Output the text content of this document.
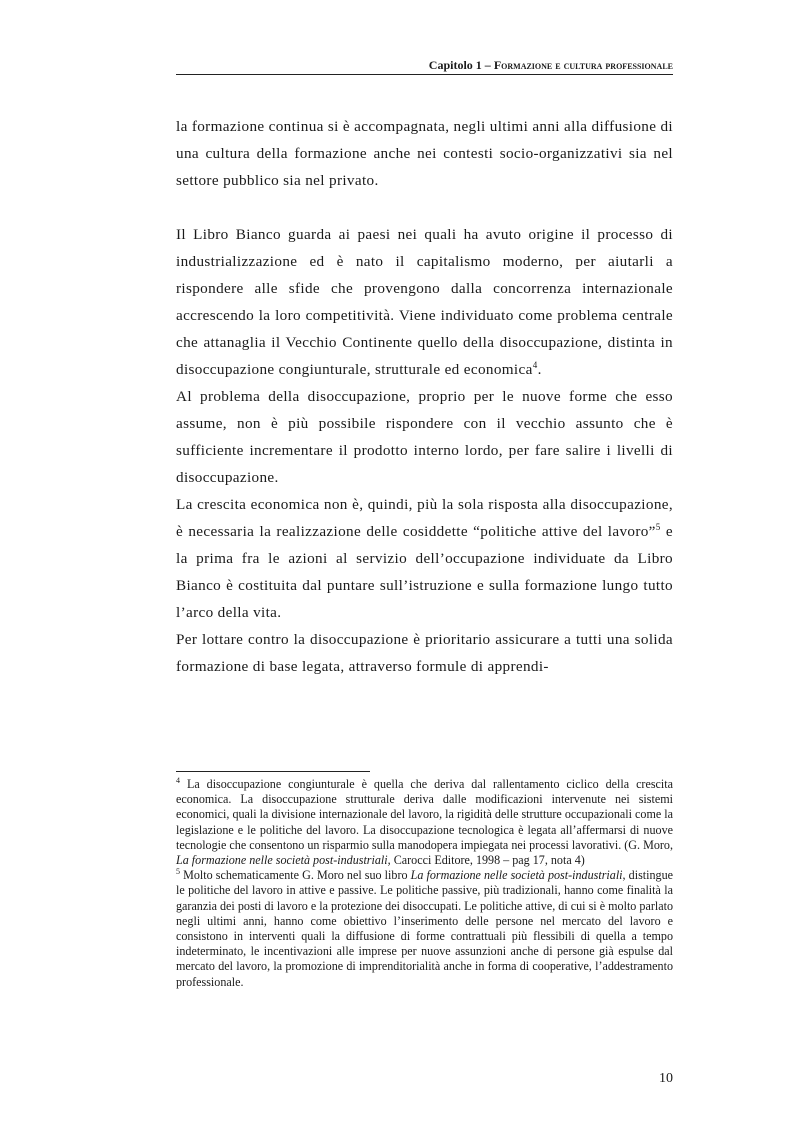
Capitolo 1 – Formazione e cultura professionale

la formazione continua si è accompagnata, negli ultimi anni alla diffusione di una cultura della formazione anche nei contesti socio-organizzativi sia nel settore pubblico sia nel privato.

Il Libro Bianco guarda ai paesi nei quali ha avuto origine il processo di industrializzazione ed è nato il capitalismo moderno, per aiutarli a rispondere alle sfide che provengono dalla concorrenza internazionale accrescendo la loro competitività. Viene individuato come problema centrale che attanaglia il Vecchio Continente quello della disoccupazione, distinta in disoccupazione congiunturale, strutturale ed economica$^4$.

Al problema della disoccupazione, proprio per le nuove forme che esso assume, non è più possibile rispondere con il vecchio assunto che è sufficiente incrementare il prodotto interno lordo, per fare salire i livelli di disoccupazione.

La crescita economica non è, quindi, più la sola risposta alla disoccupazione, è necessaria la realizzazione delle cosiddette “politiche attive del lavoro”$^5$ e la prima fra le azioni al servizio dell’occupazione individuate da Libro Bianco è costituita dal puntare sull’istruzione e sulla formazione lungo tutto l’arco della vita.

Per lottare contro la disoccupazione è prioritario assicurare a tutti una solida formazione di base legata, attraverso formule di apprendi-

$^4$ La disoccupazione congiunturale è quella che deriva dal rallentamento ciclico della crescita economica. La disoccupazione strutturale deriva dalle modificazioni intervenute nei sistemi economici, quali la divisione internazionale del lavoro, la rigidità delle strutture occupazionali come la legislazione e le politiche del lavoro. La disoccupazione tecnologica è legata all’affermarsi di nuove tecnologie che consentono un risparmio sulla manodopera impiegata nei processi lavorativi. (G. Moro, La formazione nelle società post-industriali, Carocci Editore, 1998 – pag 17, nota 4)

$^5$ Molto schematicamente G. Moro nel suo libro La formazione nelle società post-industriali, distingue le politiche del lavoro in attive e passive. Le politiche passive, più tradizionali, hanno come finalità la garanzia dei posti di lavoro e la protezione dei disoccupati. Le politiche attive, di cui si è molto parlato negli ultimi anni, hanno come obiettivo l’inserimento delle persone nel mercato del lavoro e consistono in interventi quali la diffusione di forme contrattuali più flessibili di quella a tempo indeterminato, le incentivazioni alle imprese per nuove assunzioni anche di persone già espulse dal mercato del lavoro, la promozione di imprenditorialità anche in forma di cooperative, l’addestramento professionale.

10
